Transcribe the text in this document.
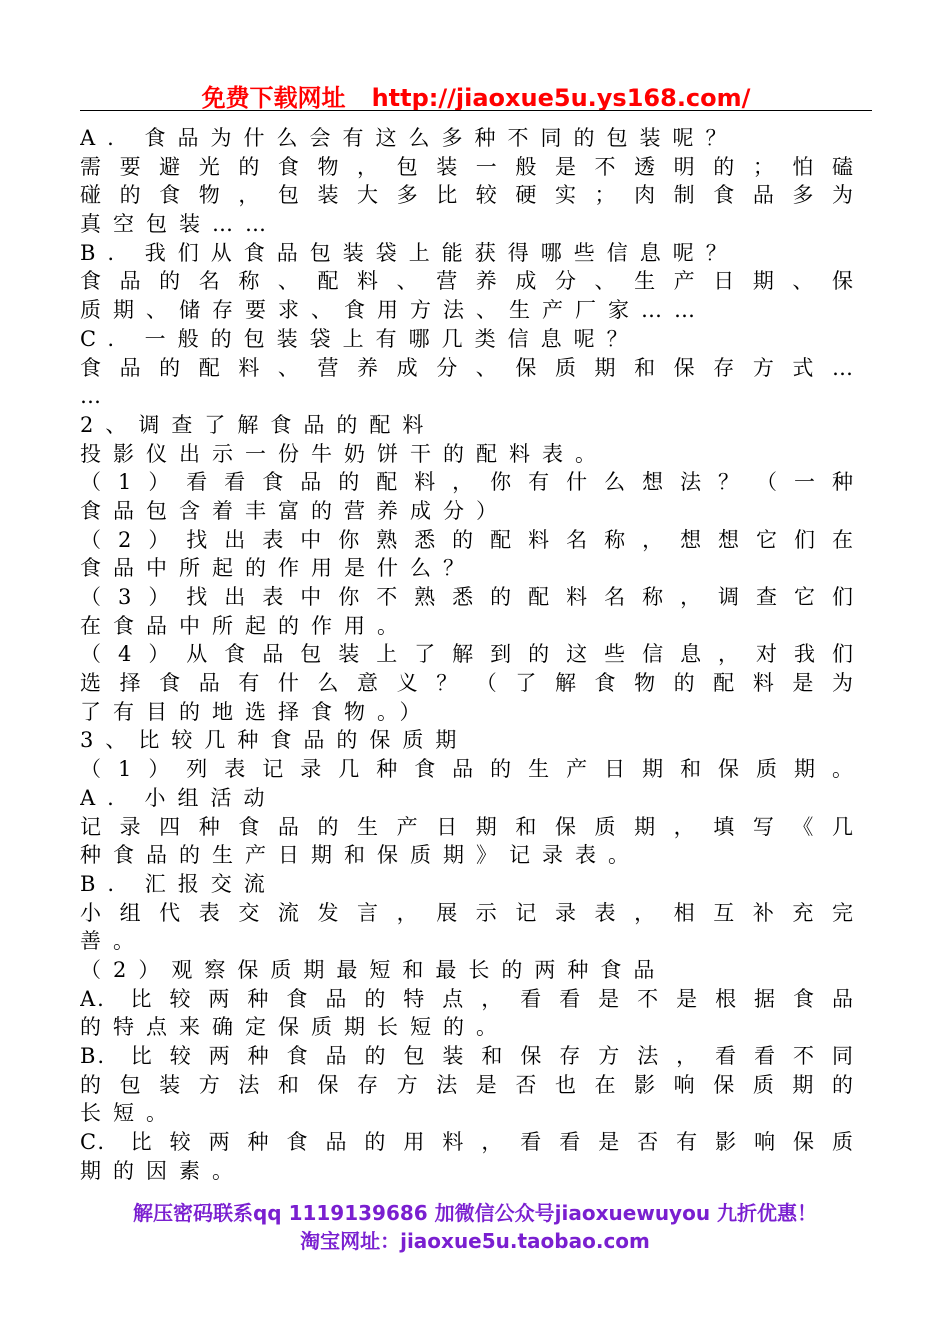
免费下载网址 http://jiaoxue5u.ys168.com/
A. 食品为什么会有这么多种不同的包装呢？
需要避光的食物，包装一般是不透明的；怕磕
碰的食物，包装大多比较硬实；肉制食品多为
真空包装……
B. 我们从食品包装袋上能获得哪些信息呢？
食品的名称、配料、营养成分、生产日期、保
质期、储存要求、食用方法、生产厂家……
C. 一般的包装袋上有哪几类信息呢？
食品的配料、营养成分、保质期和保存方式…
…
2、调查了解食品的配料
投影仪出示一份牛奶饼干的配料表。
（1）看看食品的配料，你有什么想法？（一种
食品包含着丰富的营养成分）
（2）找出表中你熟悉的配料名称，想想它们在
食品中所起的作用是什么？
（3）找出表中你不熟悉的配料名称，调查它们
在食品中所起的作用。
（4）从食品包装上了解到的这些信息，对我们
选择食品有什么意义？（了解食物的配料是为
了有目的地选择食物。）
3、比较几种食品的保质期
（1）列表记录几种食品的生产日期和保质期。
A. 小组活动
记录四种食品的生产日期和保质期，填写《几
种食品的生产日期和保质期》记录表。
B. 汇报交流
小组代表交流发言，展示记录表，相互补充完
善。
（2）观察保质期最短和最长的两种食品
A. 比较两种食品的特点，看看是不是根据食品
的特点来确定保质期长短的。
B. 比较两种食品的包装和保存方法，看看不同
的包装方法和保存方法是否也在影响保质期的
长短。
C. 比较两种食品的用料，看看是否有影响保质
期的因素。
解压密码联系qq 1119139686 加微信公众号jiaoxuewuyou 九折优惠！
淘宝网址：jiaoxue5u.taobao.com
